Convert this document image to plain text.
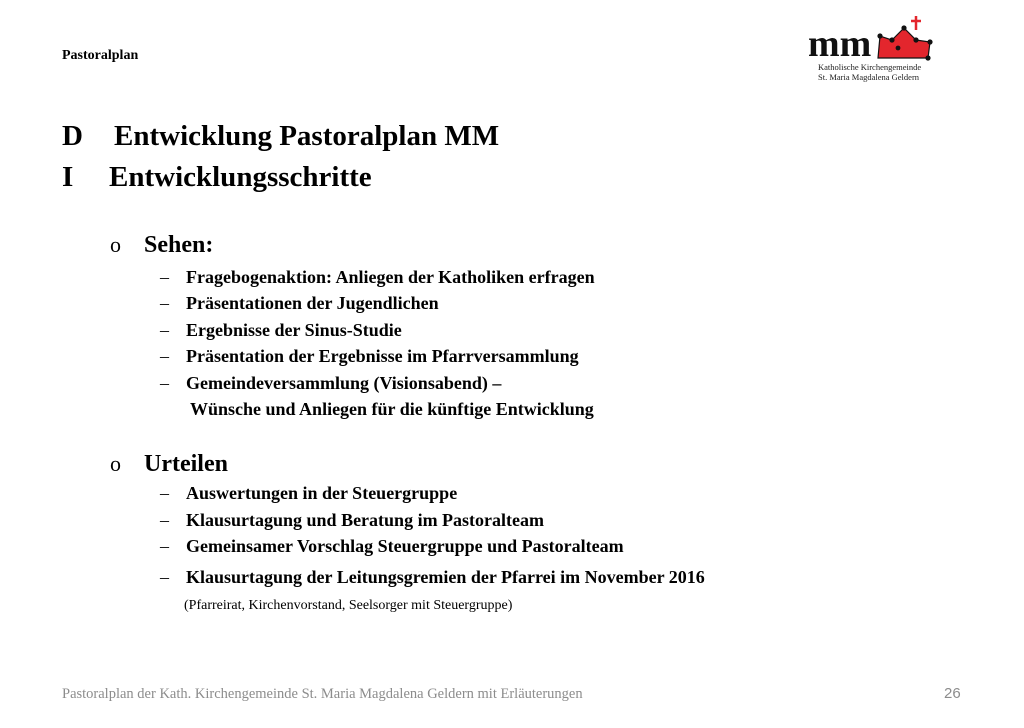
Pastoralplan	mm
Katholische Kirchengemeinde
St. Maria Magdalena Geldern
D Entwicklung Pastoralplan MM
I Entwicklungsschritte
o Sehen:
– Fragebogenaktion: Anliegen der Katholiken erfragen
– Präsentationen der Jugendlichen
– Ergebnisse der Sinus-Studie
– Präsentation der Ergebnisse im Pfarrversammlung
– Gemeindeversammlung (Visionsabend) –
Wünsche und Anliegen für die künftige Entwicklung
o Urteilen
– Auswertungen in der Steuergruppe
– Klausurtagung und Beratung im Pastoralteam
– Gemeinsamer Vorschlag Steuergruppe und Pastoralteam
– Klausurtagung der Leitungsgremien der Pfarrei im November 2016
(Pfarreirat, Kirchenvorstand, Seelsorger mit Steuergruppe)
Pastoralplan der Kath. Kirchengemeinde St. Maria Magdalena Geldern mit Erläuterungen	26
